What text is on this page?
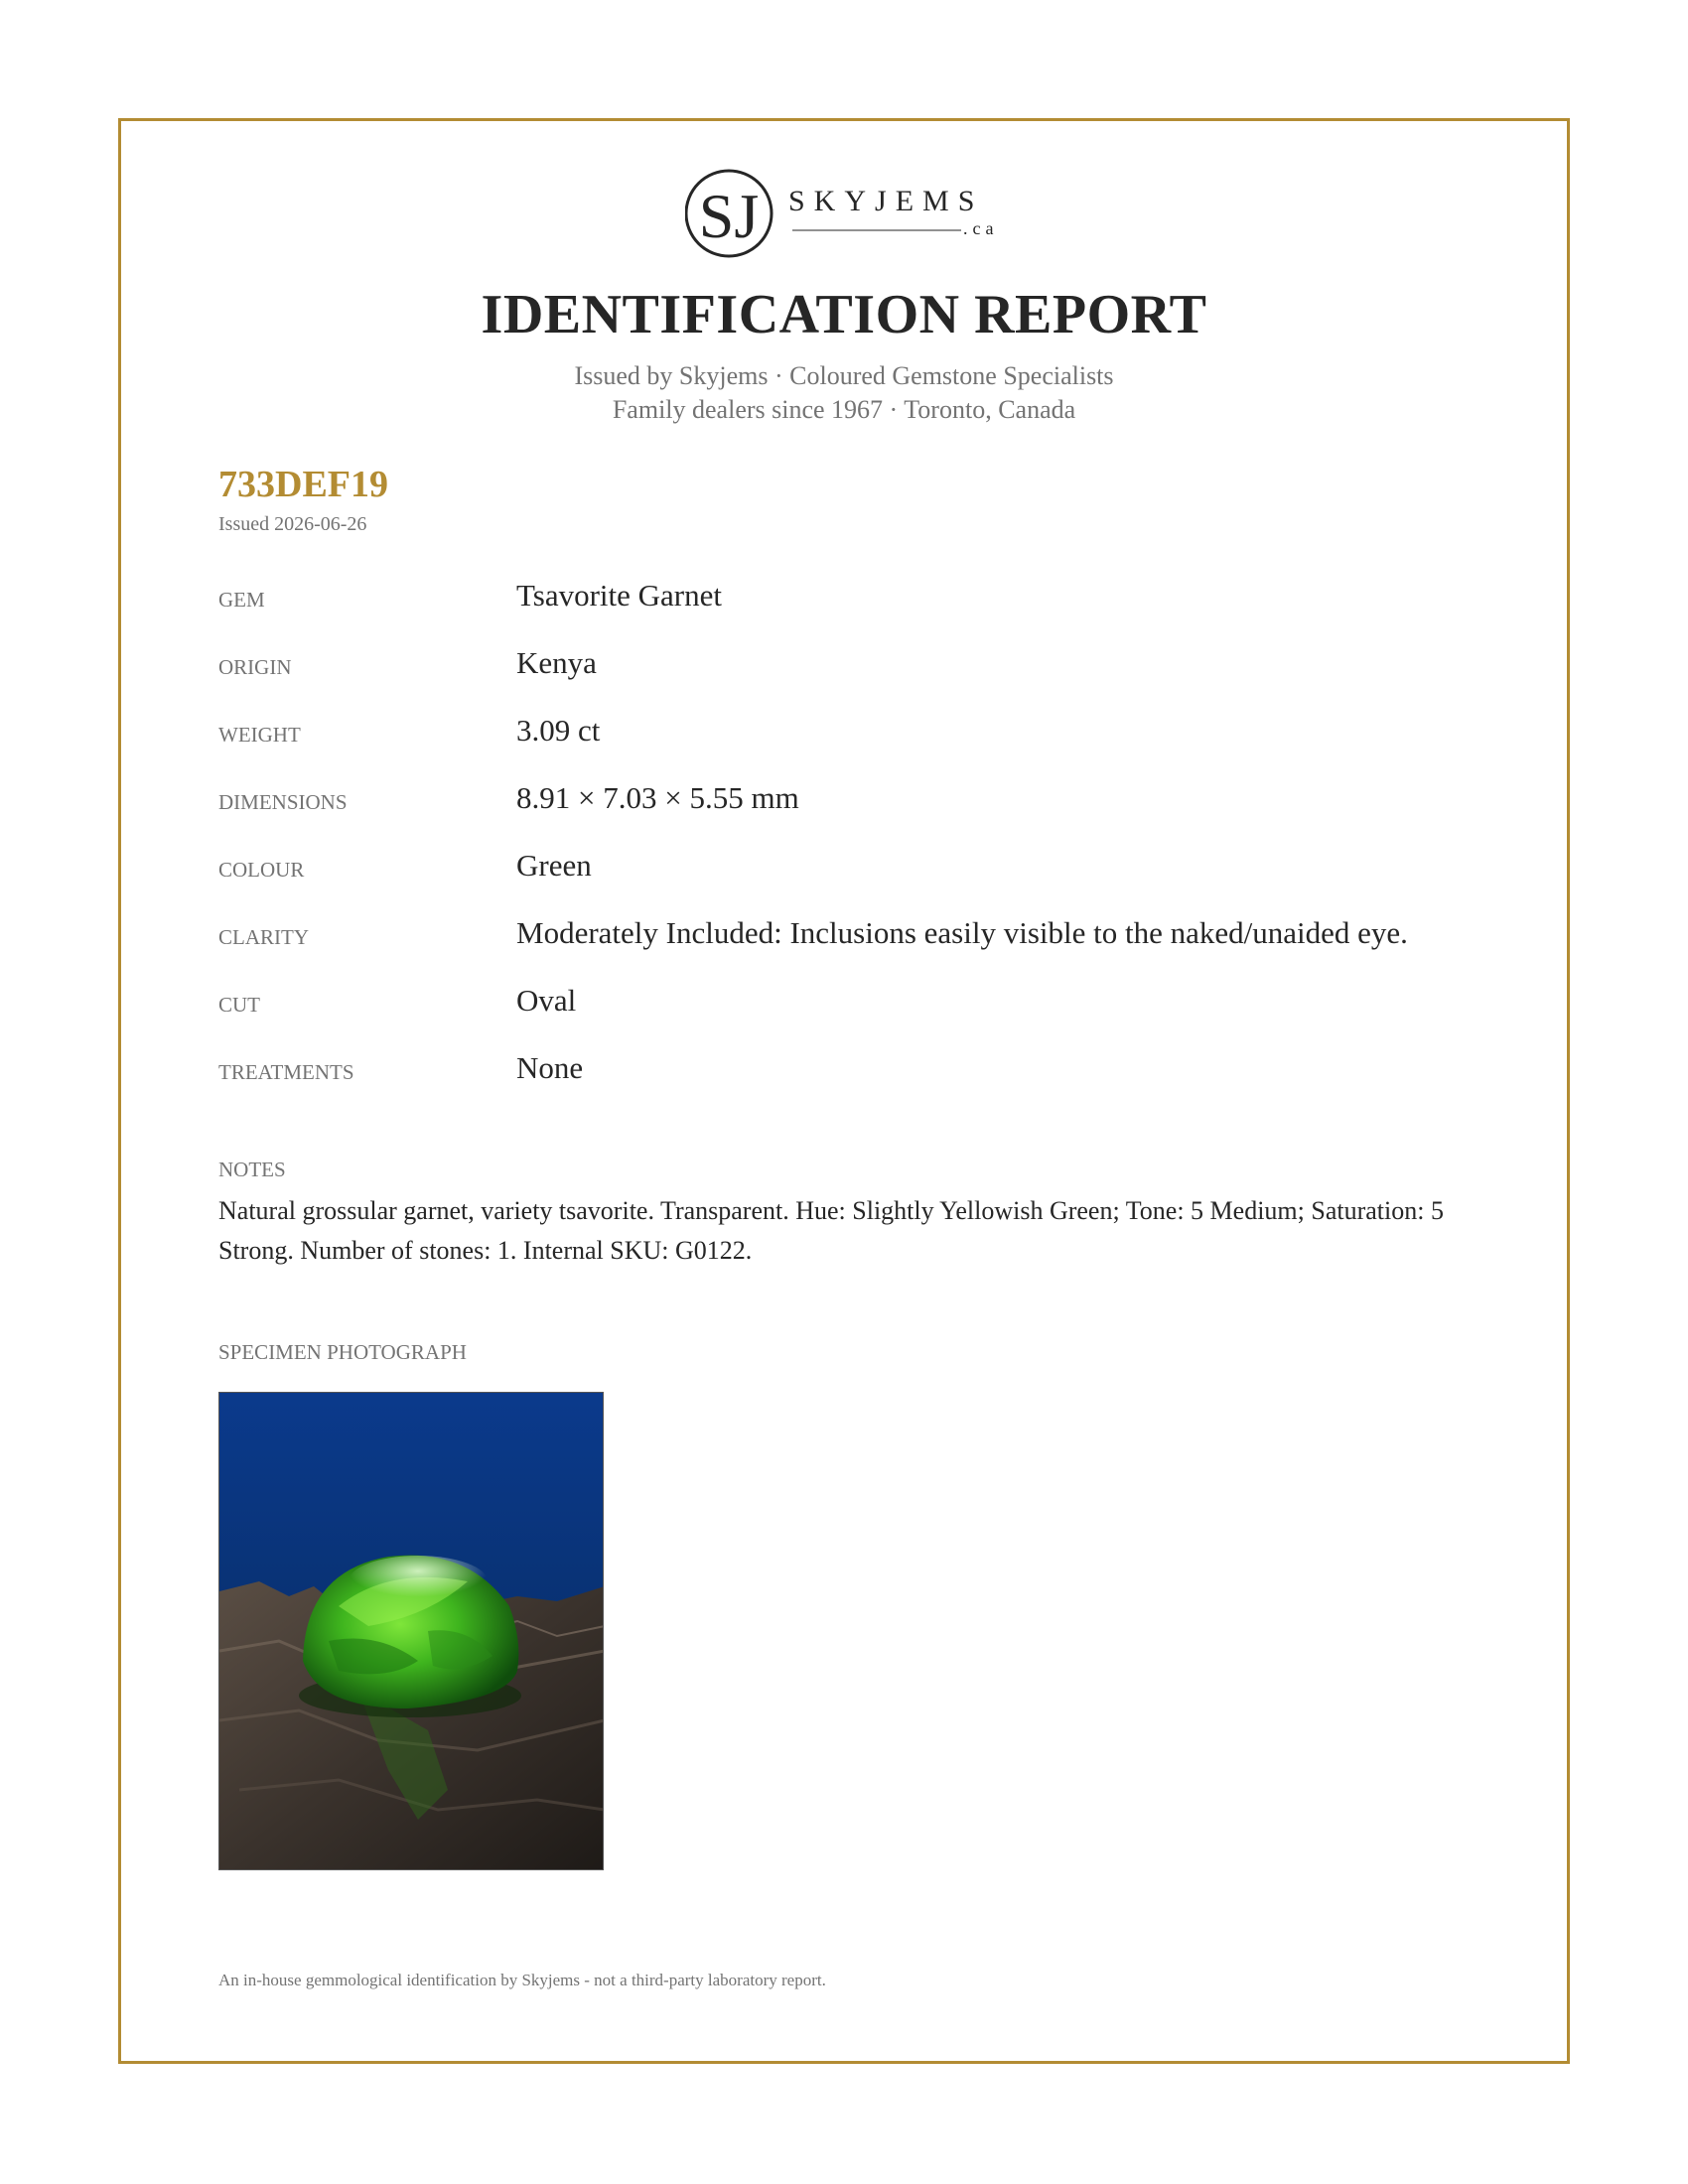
SJ SKYJEMS
.ca
IDENTIFICATION REPORT
Issued by Skyjems · Coloured Gemstone Specialists
Family dealers since 1967 · Toronto, Canada
733DEF19
Issued 2026-06-26
GEM	Tsavorite Garnet
ORIGIN	Kenya
WEIGHT	3.09 ct
DIMENSIONS	8.91 × 7.03 × 5.55 mm
COLOUR	Green
CLARITY	Moderately Included: Inclusions easily visible to the naked/unaided eye.
CUT	Oval
TREATMENTS	None
NOTES
Natural grossular garnet, variety tsavorite. Transparent. Hue: Slightly Yellowish Green; Tone: 5 Medium; Saturation: 5 Strong. Number of stones: 1. Internal SKU: G0122.
SPECIMEN PHOTOGRAPH
An in-house gemmological identification by Skyjems - not a third-party laboratory report.
